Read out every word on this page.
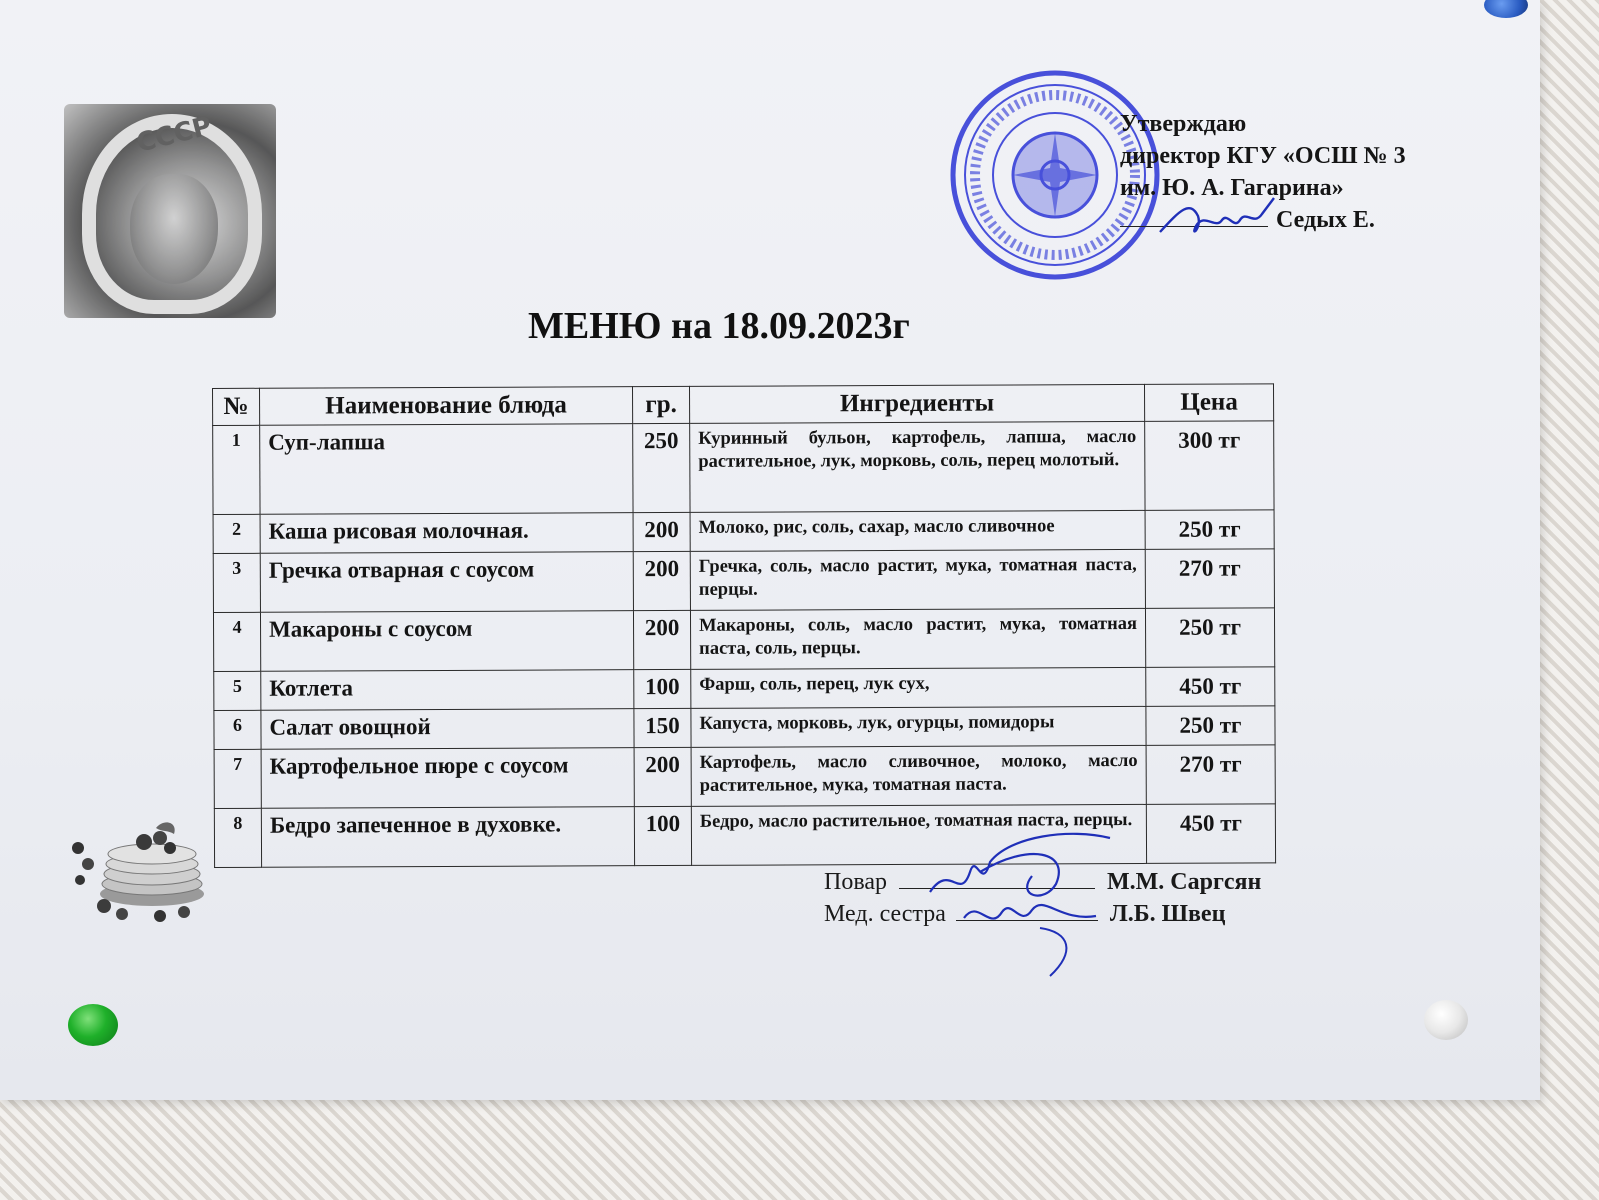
СССР	Утверждаю
директор КГУ «ОСШ № 3
им. Ю. А. Гагарина»
Седых Е.
МЕНЮ на 18.09.2023г
№	Наименование блюда	гр.	Ингредиенты	Цена
1	Суп-лапша	250	Куринный бульон, картофель, лапша, масло растительное, лук, морковь, соль, перец молотый.	300 тг
2	Каша рисовая молочная.	200	Молоко, рис, соль, сахар, масло сливочное	250 тг
3	Гречка отварная с соусом	200	Гречка, соль, масло растит, мука, томатная паста, перцы.	270 тг
4	Макароны с соусом	200	Макароны, соль, масло растит, мука, томатная паста, соль, перцы.	250 тг
5	Котлета	100	Фарш, соль, перец, лук сух,	450 тг
6	Салат овощной	150	Капуста, морковь, лук, огурцы, помидоры	250 тг
7	Картофельное пюре с соусом	200	Картофель, масло сливочное, молоко, масло растительное, мука, томатная паста.	270 тг
8	Бедро запеченное в духовке.	100	Бедро, масло растительное, томатная паста, перцы.	450 тг
Повар	М.М. Саргсян
Мед. сестра	Л.Б. Швец
